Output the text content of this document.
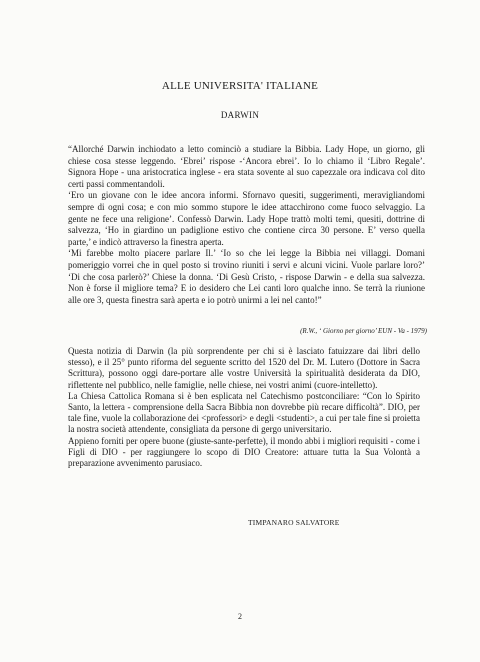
ALLE UNIVERSITA' ITALIANE
DARWIN

“Allorché Darwin inchiodato a letto cominciò a studiare la Bibbia. Lady Hope, un giorno, gli chiese cosa stesse leggendo. ‘Ebrei’ rispose -‘Ancora ebrei’. Io lo chiamo il ‘Libro Regale’. Signora Hope - una aristocratica inglese - era stata sovente al suo capezzale ora indicava col dito certi passi commentandoli.

‘Ero un giovane con le idee ancora informi. Sfornavo quesiti, suggerimenti, meravigliandomi sempre di ogni cosa; e con mio sommo stupore le idee attacchirono come fuoco selvaggio. La gente ne fece una religione’. Confessò Darwin. Lady Hope trattò molti temi, quesiti, dottrine di salvezza, ‘Ho in giardino un padiglione estivo che contiene circa 30 persone. E’ verso quella parte,’ e indicò attraverso la finestra aperta.

‘Mi farebbe molto piacere parlare Il.’ ‘Io so che lei legge la Bibbia nei villaggi. Domani pomeriggio vorrei che in quel posto si trovino riuniti i servi e alcuni vicini. Vuole parlare loro?’ ‘Di che cosa parlerò?’ Chiese la donna. ‘Di Gesù Cristo, - rispose Darwin - e della sua salvezza. Non è forse il migliore tema? E io desidero che Lei canti loro qualche inno. Se terrà la riunione alle ore 3, questa finestra sarà aperta e io potrò unirmi a lei nel canto!”

(R.W., ‘ Giorno per giorno’ EUN - Va - 1979)

Questa notizia di Darwin (la più sorprendente per chi si è lasciato fatuizzare dai libri dello stesso), e il 25° punto riforma del seguente scritto del 1520 del Dr. M. Lutero (Dottore in Sacra Scrittura), possono oggi dare-portare alle vostre Università la spiritualità desiderata da DIO, riflettente nel pubblico, nelle famiglie, nelle chiese, nei vostri animi (cuore-intelletto).

La Chiesa Cattolica Romana si è ben esplicata nel Catechismo postconciliare: “Con lo Spirito Santo, la lettera - comprensione della Sacra Bibbia non dovrebbe più recare difficoltà”. DIO, per tale fine, vuole la collaborazione dei <professori> e degli <studenti>, a cui per tale fine si proietta la nostra società attendente, consigliata da persone di gergo universitario.

Appieno forniti per opere buone (giuste-sante-perfette), il mondo abbi i migliori requisiti - come i Figli di DIO - per raggiungere lo scopo di DIO Creatore: attuare tutta la Sua Volontà a preparazione avvenimento parusiaco.

TIMPANARO SALVATORE
2
